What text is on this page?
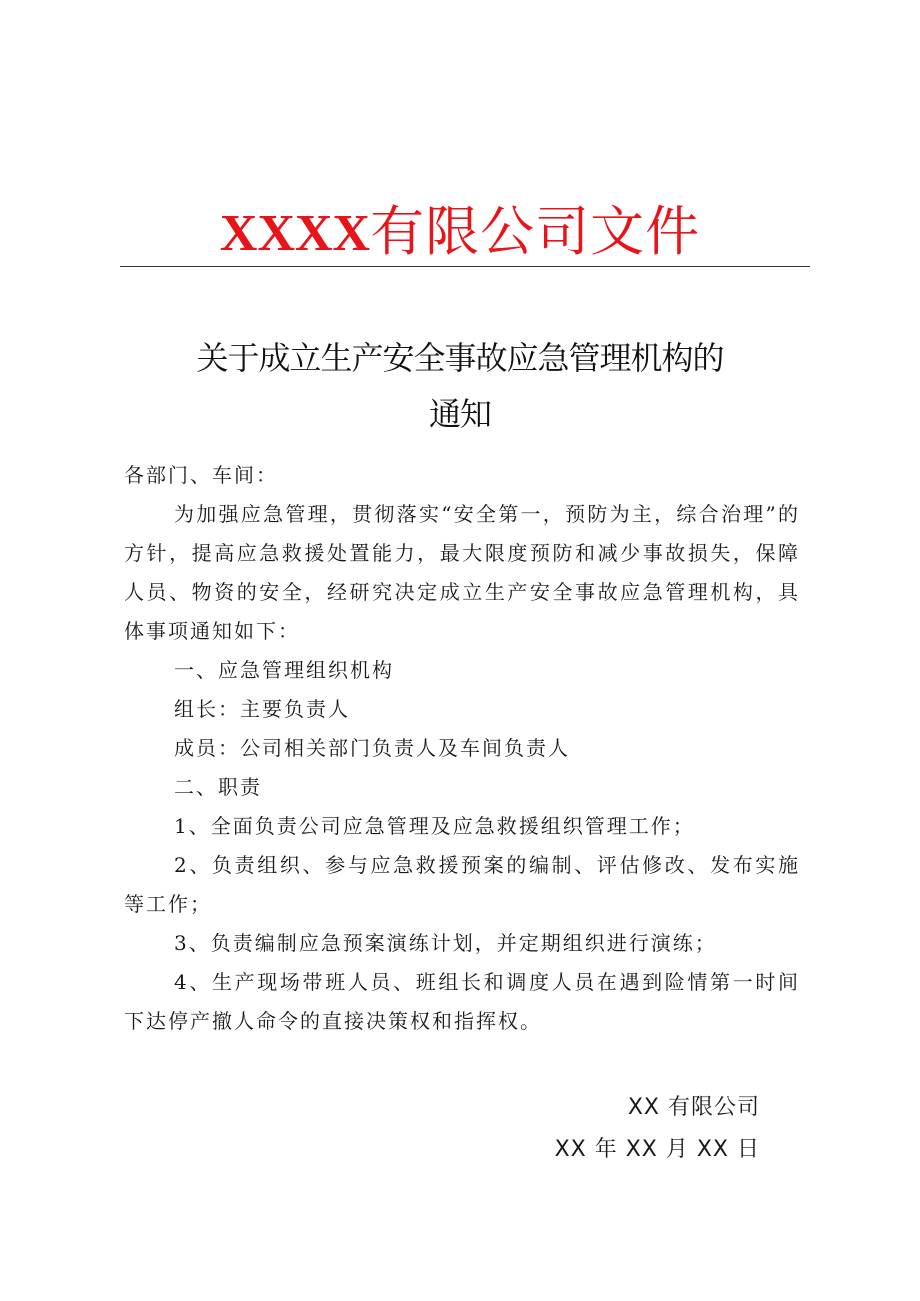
XXXX有限公司文件
关于成立生产安全事故应急管理机构的
通知

各部门、车间：

为加强应急管理，贯彻落实“安全第一，预防为主，综合治理”的方针，提高应急救援处置能力，最大限度预防和减少事故损失，保障人员、物资的安全，经研究决定成立生产安全事故应急管理机构，具体事项通知如下：

一、应急管理组织机构

组长：主要负责人

成员：公司相关部门负责人及车间负责人

二、职责

1、全面负责公司应急管理及应急救援组织管理工作；

2、负责组织、参与应急救援预案的编制、评估修改、发布实施等工作；

3、负责编制应急预案演练计划，并定期组织进行演练；

4、生产现场带班人员、班组长和调度人员在遇到险情第一时间下达停产撤人命令的直接决策权和指挥权。

XX 有限公司
XX 年 XX 月 XX 日
